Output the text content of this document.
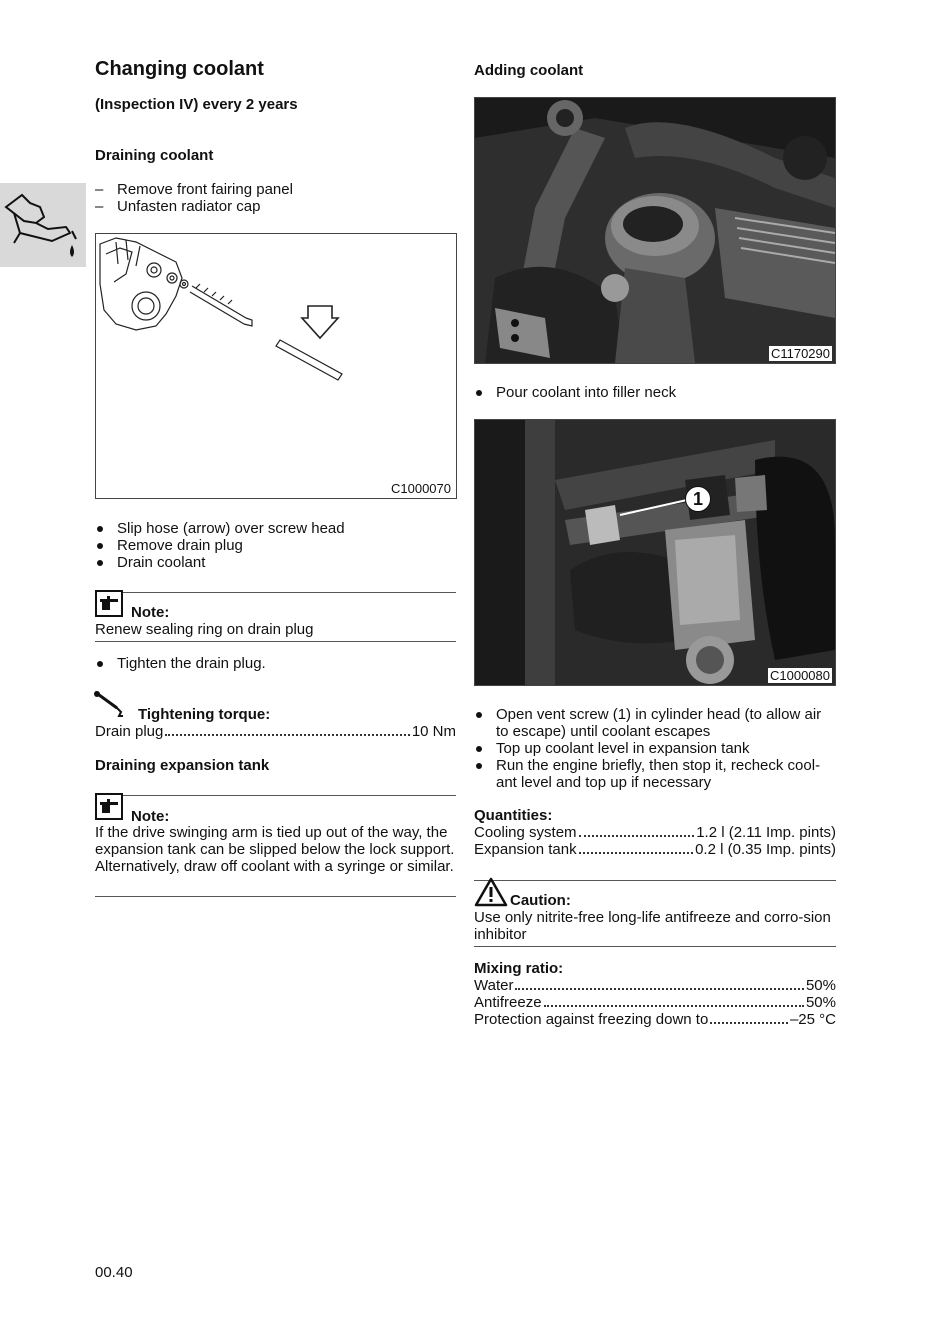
Changing coolant
(Inspection IV) every 2 years
Draining coolant
– Remove front fairing panel
– Unfasten radiator cap
C1000070
Slip hose (arrow) over screw head
Remove drain plug
Drain coolant
Note:
Renew sealing ring on drain plug
Tighten the drain plug.
Tightening torque:
Drain plug	10 Nm
Draining expansion tank
Note:
If the drive swinging arm is tied up out of the way, the expansion tank can be slipped below the lock support. Alternatively, draw off coolant with a syringe or similar.
Adding coolant
C1170290
Pour coolant into filler neck
1
C1000080
Open vent screw (1) in cylinder head (to allow air to escape) until coolant escapes
Top up coolant level in expansion tank
Run the engine briefly, then stop it, recheck cool-ant level and top up if necessary
Quantities:
Cooling system	1.2 l (2.11 Imp. pints)
Expansion tank	0.2 l (0.35 Imp. pints)
Caution:
Use only nitrite-free long-life antifreeze and corro-sion inhibitor
Mixing ratio:
Water	50%
Antifreeze	50%
Protection against freezing down to	–25 °C
00.40
